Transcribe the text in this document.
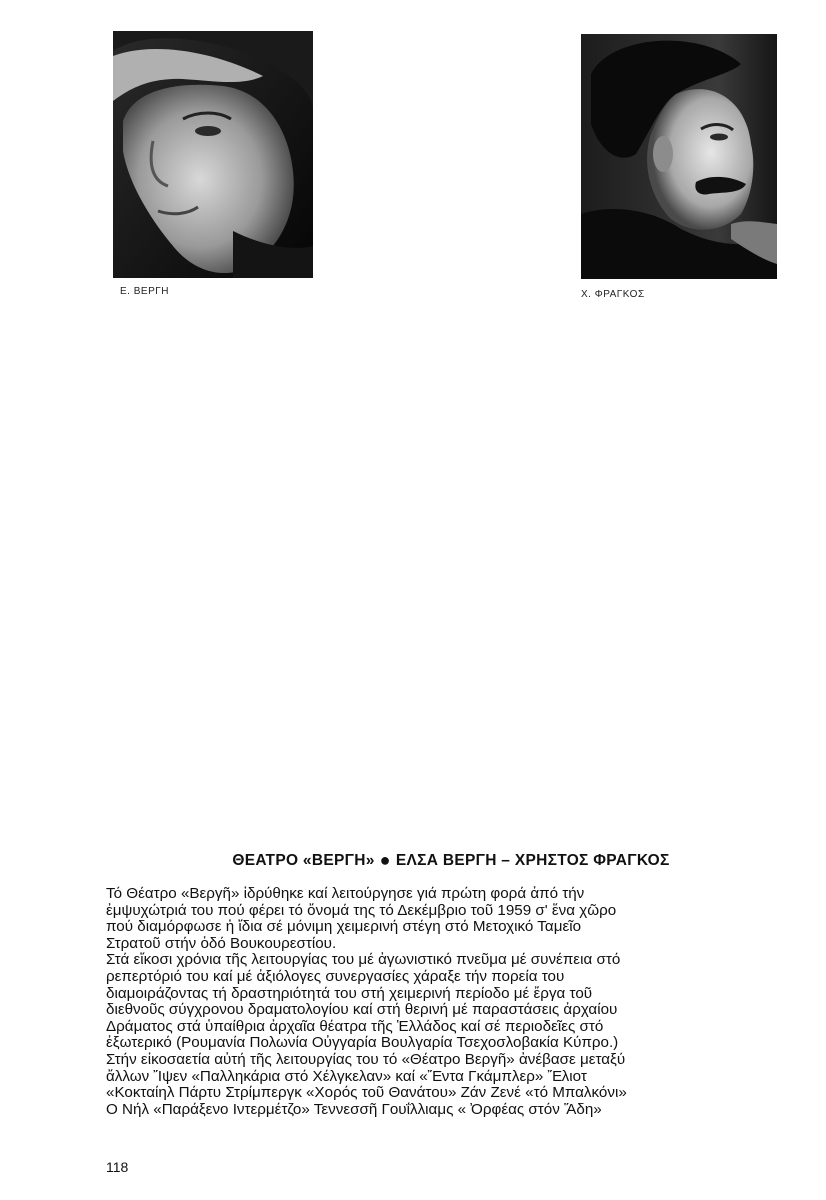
Ε. ΒΕΡΓΗ	Χ. ΦΡΑΓΚΟΣ
ΘΕΑΤΡΟ «ΒΕΡΓΗ» ● ΕΛΣΑ ΒΕΡΓΗ – ΧΡΗΣΤΟΣ ΦΡΑΓΚΟΣ
Τό Θέατρο «Βεργῆ» ἱδρύθηκε καί λειτούργησε γιά πρώτη φορά ἀπό τήν
ἐμψυχώτριά του πού φέρει τό ὄνομά της τό Δεκέμβριο τοῦ 1959 σ' ἕνα χῶρο
πού διαμόρφωσε ἡ ἴδια σέ μόνιμη χειμερινή στέγη στό Μετοχικό Ταμεῖο
Στρατοῦ στήν ὁδό Βουκουρεστίου.
Στά εἴκοσι χρόνια τῆς λειτουργίας του μέ ἀγωνιστικό πνεῦμα μέ συνέπεια στό
ρεπερτόριό του καί μέ ἀξιόλογες συνεργασίες χάραξε τήν πορεία του
διαμοιράζοντας τή δραστηριότητά του στή χειμερινή περίοδο μέ ἔργα τοῦ
διεθνοῦς σύγχρονου δραματολογίου καί στή θερινή μέ παραστάσεις ἀρχαίου
Δράματος στά ὑπαίθρια ἀρχαῖα θέατρα τῆς Ἑλλάδος καί σέ περιοδεῖες στό
ἐξωτερικό (Ρουμανία Πολωνία Οὐγγαρία Βουλγαρία Τσεχοσλοβακία Κύπρο.)
Στήν εἰκοσαετία αὐτή τῆς λειτουργίας του τό «Θέατρο Βεργῆ» ἀνέβασε μεταξύ
ἄλλων Ἴψεν «Παλληκάρια στό Χέλγκελαν» καί «Ἔντα Γκάμπλερ» Ἔλιοτ
«Κοκταίηλ Πάρτυ Στρίμπεργκ «Χορός τοῦ Θανάτου» Ζάν Ζενέ «τό Μπαλκόνι»
Ο Νήλ «Παράξενο Ιντερμέτζο» Τεννεσσῆ Γουΐλλιαμς « Ὀρφέας στόν Ἅδη»
118
